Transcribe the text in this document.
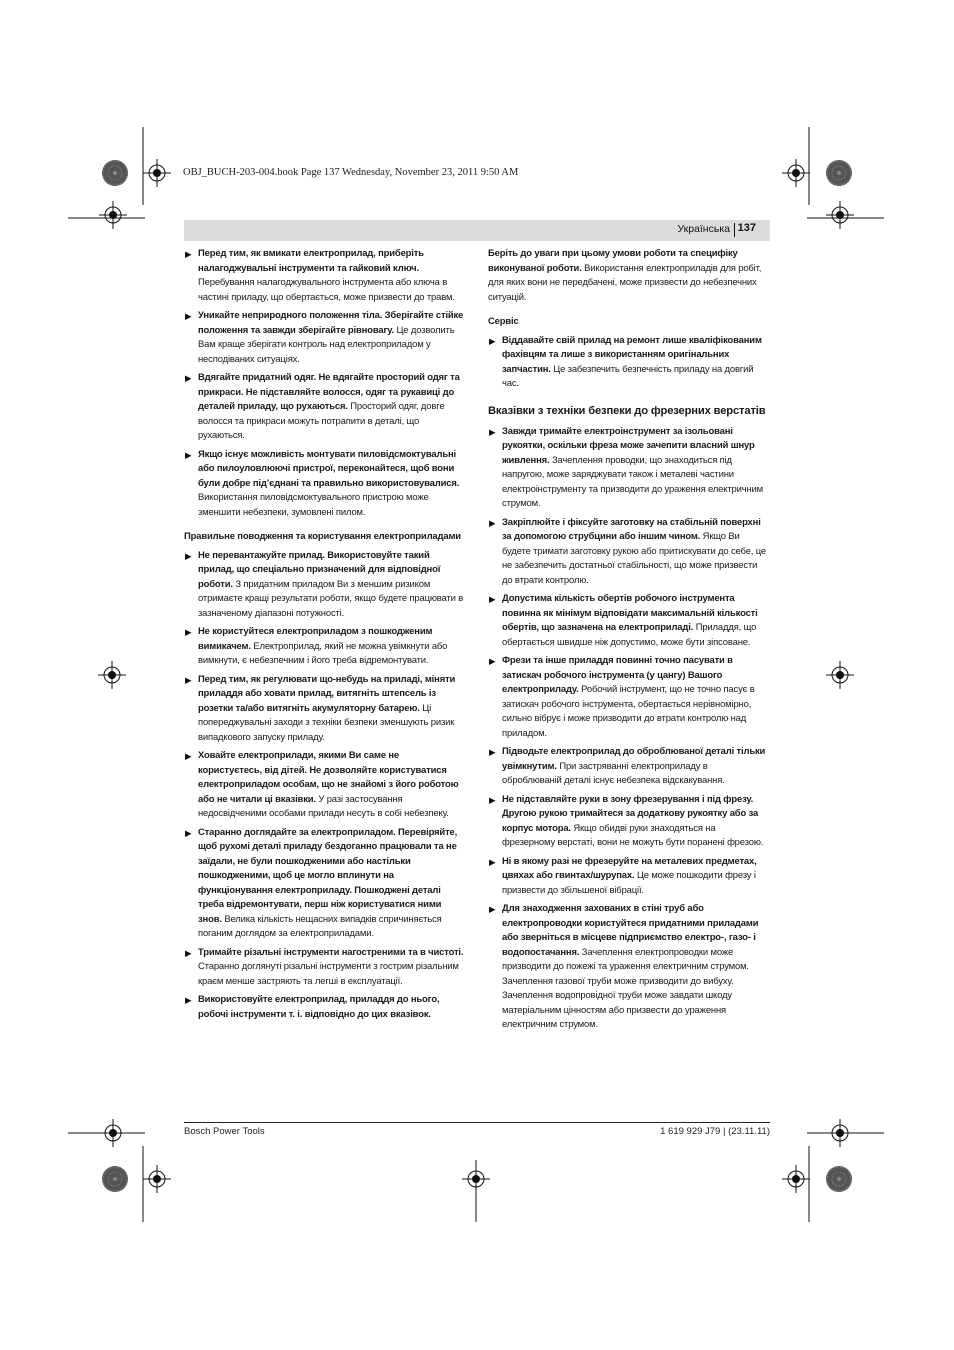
OBJ_BUCH-203-004.book Page 137 Wednesday, November 23, 2011 9:50 AM
Українська 137
▶ Перед тим, як вмикати електроприлад, приберіть налагоджувальні інструменти та гайковий ключ. Перебування налагоджувального інструмента або ключа в частині приладу, що обертається, може призвести до травм.
▶ Уникайте неприродного положення тіла. Зберігайте стійке положення та завжди зберігайте рівновагу. Це дозволить Вам краще зберігати контроль над електроприладом у несподіваних ситуаціях.
▶ Вдягайте придатний одяг. Не вдягайте просторий одяг та прикраси. Не підставляйте волосся, одяг та рукавиці до деталей приладу, що рухаються. Просторий одяг, довге волосся та прикраси можуть потрапити в деталі, що рухаються.
▶ Якщо існує можливість монтувати пиловідсмоктувальні або пилоуловлюючі пристрої, переконайтеся, щоб вони були добре під’єднані та правильно використовувалися. Використання пиловідсмоктувального пристрою може зменшити небезпеки, зумовлені пилом.
Правильне поводження та користування електроприладами
▶ Не перевантажуйте прилад. Використовуйте такий прилад, що спеціально призначений для відповідної роботи. З придатним приладом Ви з меншим ризиком отримаєте кращі результати роботи, якщо будете працювати в зазначеному діапазоні потужності.
▶ Не користуйтеся електроприладом з пошкодженим вимикачем. Електроприлад, який не можна увімкнути або вимкнути, є небезпечним і його треба відремонтувати.
▶ Перед тим, як регулювати що-небудь на приладі, міняти приладдя або ховати прилад, витягніть штепсель із розетки та/або витягніть акумуляторну батарею. Ці попереджувальні заходи з техніки безпеки зменшують ризик випадкового запуску приладу.
▶ Ховайте електроприлади, якими Ви саме не користуєтесь, від дітей. Не дозволяйте користуватися електроприладом особам, що не знайомі з його роботою або не читали ці вказівки. У разі застосування недосвідченими особами прилади несуть в собі небезпеку.
▶ Старанно доглядайте за електроприладом. Перевіряйте, щоб рухомі деталі приладу бездоганно працювали та не заїдали, не були пошкодженими або настільки пошкодженими, щоб це могло вплинути на функціонування електроприладу. Пошкоджені деталі треба відремонтувати, перш ніж користуватися ними знов. Велика кількість нещасних випадків спричиняється поганим доглядом за електроприладами.
▶ Тримайте різальні інструменти нагостреними та в чистоті. Старанно доглянуті різальні інструменти з гострим різальним краєм менше застряють та легші в експлуатації.
▶ Використовуйте електроприлад, приладдя до нього, робочі інструменти т. і. відповідно до цих вказівок.
Беріть до уваги при цьому умови роботи та специфіку виконуваної роботи. Використання електроприладів для робіт, для яких вони не передбачені, може призвести до небезпечних ситуацій.
Сервіс
▶ Віддавайте свій прилад на ремонт лише кваліфікованим фахівцям та лише з використанням оригінальних запчастин. Це забезпечить безпечність приладу на довгий час.
Вказівки з техніки безпеки до фрезерних верстатів
▶ Завжди тримайте електроінструмент за ізольовані рукоятки, оскільки фреза може зачепити власний шнур живлення. Зачеплення проводки, що знаходиться під напругою, може заряджувати також і металеві частини електроінструменту та призводити до ураження електричним струмом.
▶ Закріплюйте і фіксуйте заготовку на стабільній поверхні за допомогою струбцини або іншим чином. Якщо Ви будете тримати заготовку рукою або притискувати до себе, це не забезпечить достатньої стабільності, що може призвести до втрати контролю.
▶ Допустима кількість обертів робочого інструмента повинна як мінімум відповідати максимальній кількості обертів, що зазначена на електроприладі. Приладдя, що обертається швидше ніж допустимо, може бути зіпсоване.
▶ Фрези та інше приладдя повинні точно пасувати в затискач робочого інструмента (у цангу) Вашого електроприладу. Робочий інструмент, що не точно пасує в затискач робочого інструмента, обертається нерівномірно, сильно вібрує і може призводити до втрати контролю над приладом.
▶ Підводьте електроприлад до оброблюваної деталі тільки увімкнутим. При застряванні електроприладу в оброблюваній деталі існує небезпека відскакування.
▶ Не підставляйте руки в зону фрезерування і під фрезу. Другою рукою тримайтеся за додаткову рукоятку або за корпус мотора. Якщо обидві руки знаходяться на фрезерному верстаті, вони не можуть бути поранені фрезою.
▶ Ні в якому разі не фрезеруйте на металевих предметах, цвяхах або гвинтах/шурупах. Це може пошкодити фрезу і призвести до збільшеної вібрації.
▶ Для знаходження захованих в стіні труб або електропроводки користуйтеся придатними приладами або зверніться в місцеве підприємство електро-, газо- і водопостачання. Зачеплення електропроводки може призводити до пожежі та ураження електричним струмом. Зачеплення газової труби може призводити до вибуху. Зачеплення водопровідної труби може завдати шкоду матеріальним цінностям або призвести до ураження електричним струмом.
Bosch Power Tools	1 619 929 J79 | (23.11.11)
